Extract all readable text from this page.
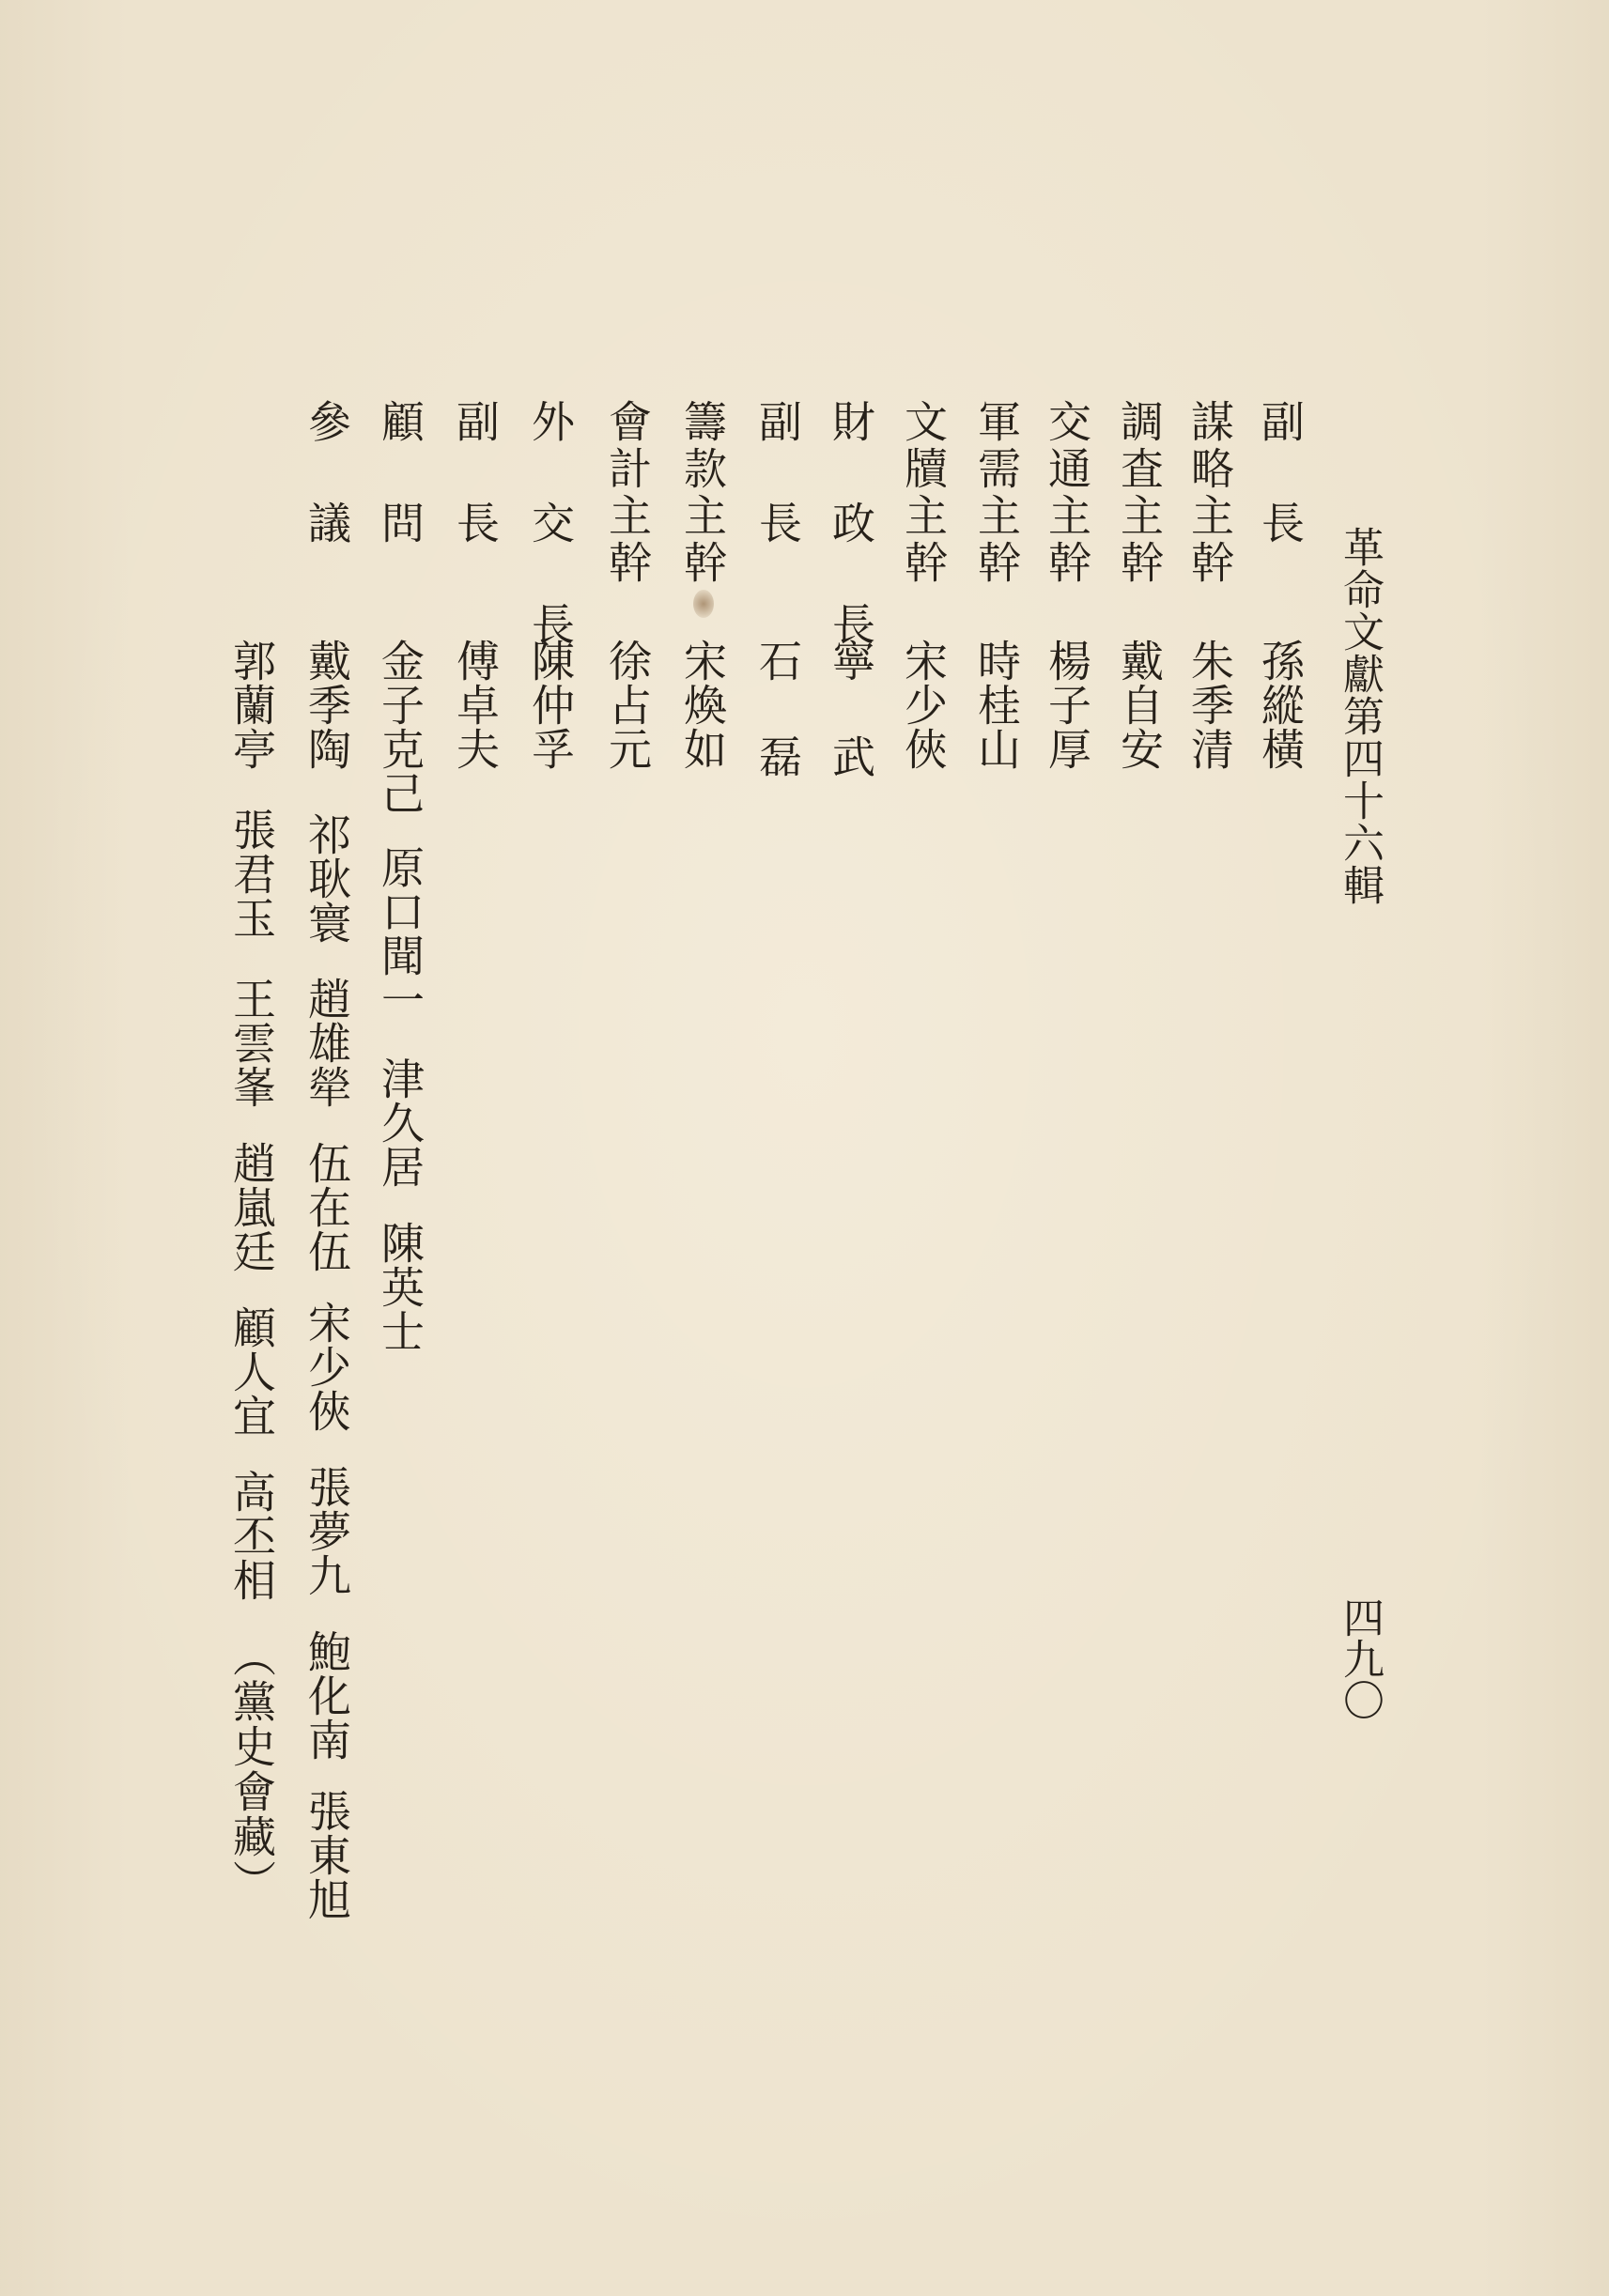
革命文獻第四十六輯
四九〇
副 長
孫縱橫
謀略主幹
朱季清
調査主幹
戴自安
交通主幹
楊子厚
軍需主幹
時桂山
文牘主幹
宋少俠
財 政 長
寧 武
副 長
石 磊
籌款主幹
宋煥如
會計主幹
徐占元
外 交 長
陳仲孚
副 長
傅卓夫
顧 問
金子克己
原口聞一
津久居
陳英士
參 議
戴季陶
祁耿寰
趙雄犖
伍在伍
宋少俠
張夢九
鮑化南
張東旭
郭蘭亭
張君玉
王雲峯
趙嵐廷
顧人宜
高丕相
（黨史會藏）
